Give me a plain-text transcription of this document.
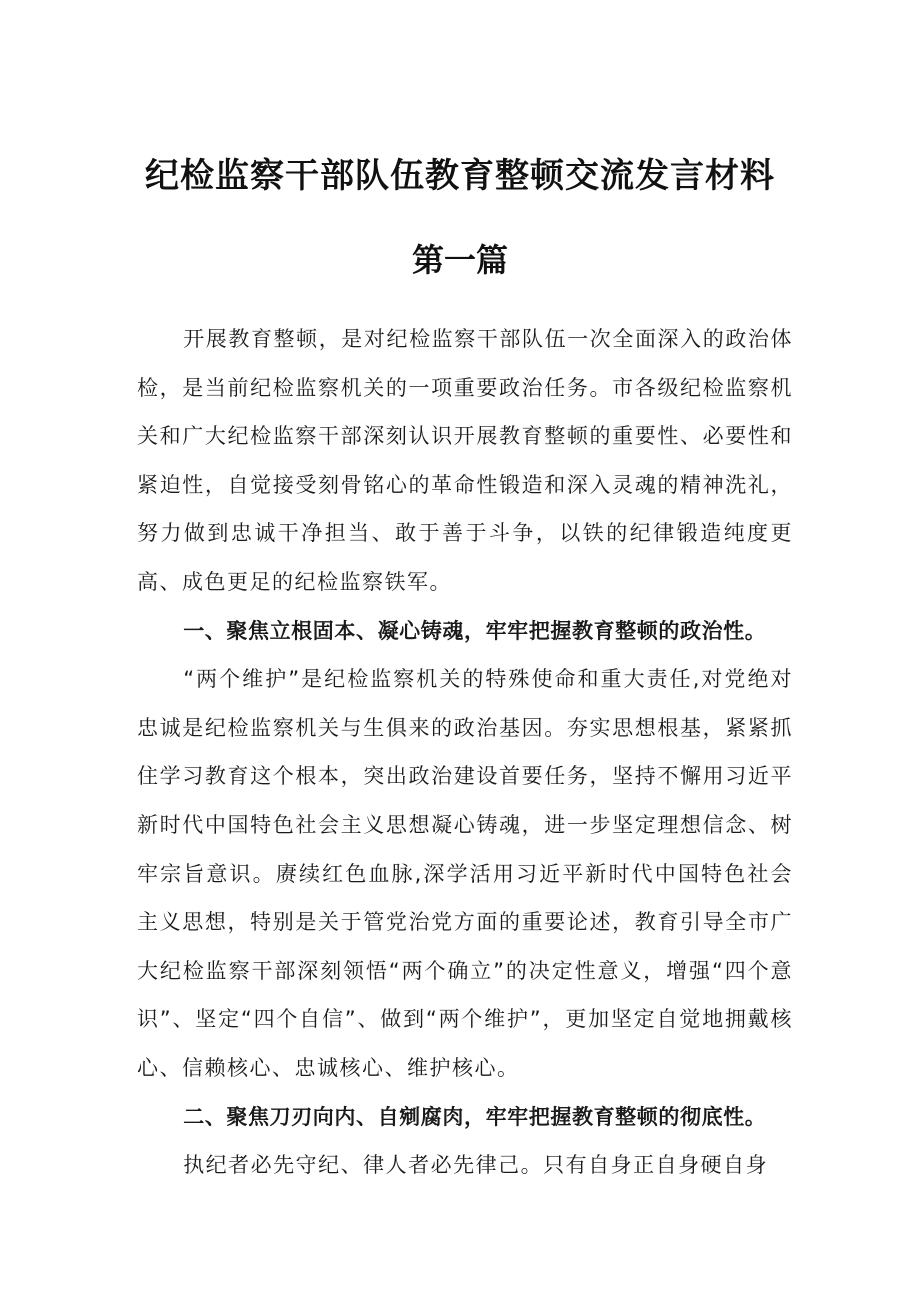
纪检监察干部队伍教育整顿交流发言材料
第一篇

开展教育整顿，是对纪检监察干部队伍一次全面深入的政治体检，是当前纪检监察机关的一项重要政治任务。市各级纪检监察机关和广大纪检监察干部深刻认识开展教育整顿的重要性、必要性和紧迫性，自觉接受刻骨铭心的革命性锻造和深入灵魂的精神洗礼，努力做到忠诚干净担当、敢于善于斗争，以铁的纪律锻造纯度更高、成色更足的纪检监察铁军。

一、聚焦立根固本、凝心铸魂，牢牢把握教育整顿的政治性。

“两个维护”是纪检监察机关的特殊使命和重大责任,对党绝对忠诚是纪检监察机关与生俱来的政治基因。夯实思想根基，紧紧抓住学习教育这个根本，突出政治建设首要任务，坚持不懈用习近平新时代中国特色社会主义思想凝心铸魂，进一步坚定理想信念、树牢宗旨意识。赓续红色血脉,深学活用习近平新时代中国特色社会主义思想，特别是关于管党治党方面的重要论述，教育引导全市广大纪检监察干部深刻领悟“两个确立”的决定性意义，增强“四个意识”、坚定“四个自信”、做到“两个维护”，更加坚定自觉地拥戴核心、信赖核心、忠诚核心、维护核心。

二、聚焦刀刃向内、自剜腐肉，牢牢把握教育整顿的彻底性。

执纪者必先守纪、律人者必先律己。只有自身正自身硬自身
